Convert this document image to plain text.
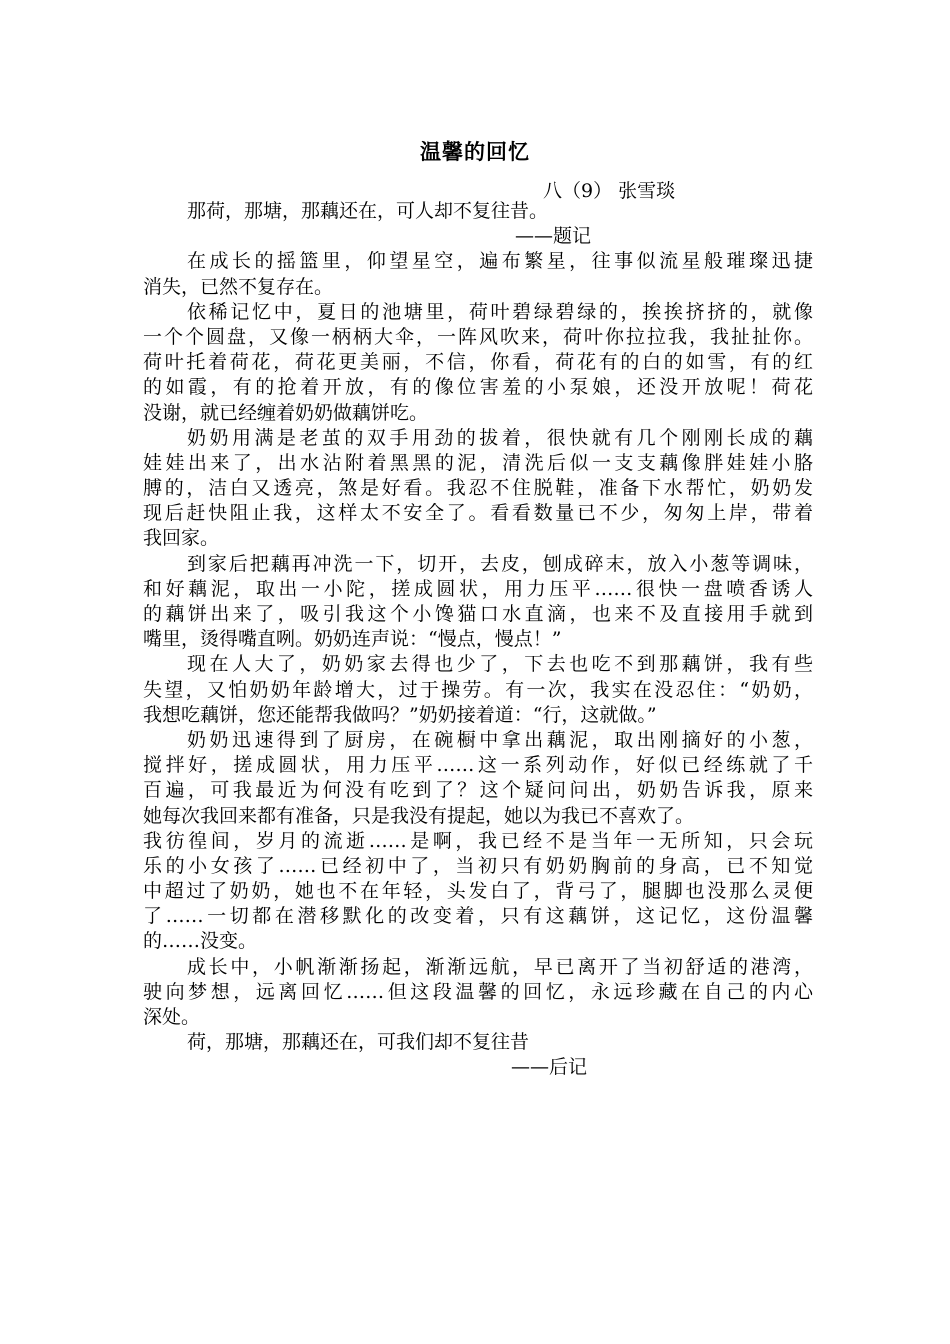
温馨的回忆
八（9） 张雪琰
那荷，那塘，那藕还在，可人却不复往昔。
——题记
在成长的摇篮里，仰望星空，遍布繁星，往事似流星般璀璨迅捷
消失，已然不复存在。
依稀记忆中，夏日的池塘里，荷叶碧绿碧绿的，挨挨挤挤的，就像
一个个圆盘，又像一柄柄大伞，一阵风吹来，荷叶你拉拉我，我扯扯你。
荷叶托着荷花，荷花更美丽，不信，你看，荷花有的白的如雪，有的红
的如霞，有的抢着开放，有的像位害羞的小泵娘，还没开放呢！荷花
没谢，就已经缠着奶奶做藕饼吃。
奶奶用满是老茧的双手用劲的拔着，很快就有几个刚刚长成的藕
娃娃出来了，出水沾附着黑黑的泥，清洗后似一支支藕像胖娃娃小胳
膊的，洁白又透亮，煞是好看。我忍不住脱鞋，准备下水帮忙，奶奶发
现后赶快阻止我，这样太不安全了。看看数量已不少，匆匆上岸，带着
我回家。
到家后把藕再冲洗一下，切开，去皮，刨成碎末，放入小葱等调味，
和好藕泥，取出一小陀，搓成圆状，用力压平……很快一盘喷香诱人
的藕饼出来了，吸引我这个小馋猫口水直滴，也来不及直接用手就到
嘴里，烫得嘴直咧。奶奶连声说：“慢点，慢点！”
现在人大了，奶奶家去得也少了，下去也吃不到那藕饼，我有些
失望，又怕奶奶年龄增大，过于操劳。有一次，我实在没忍住：“奶奶，
我想吃藕饼，您还能帮我做吗？”奶奶接着道：“行，这就做。”
奶奶迅速得到了厨房，在碗橱中拿出藕泥，取出刚摘好的小葱，
搅拌好，搓成圆状，用力压平……这一系列动作，好似已经练就了千
百遍，可我最近为何没有吃到了？这个疑问问出，奶奶告诉我，原来
她每次我回来都有准备，只是我没有提起，她以为我已不喜欢了。
我彷徨间，岁月的流逝……是啊，我已经不是当年一无所知，只会玩
乐的小女孩了……已经初中了，当初只有奶奶胸前的身高，已不知觉
中超过了奶奶，她也不在年轻，头发白了，背弓了，腿脚也没那么灵便
了……一切都在潜移默化的改变着，只有这藕饼，这记忆，这份温馨
的……没变。
成长中，小帆渐渐扬起，渐渐远航，早已离开了当初舒适的港湾，
驶向梦想，远离回忆……但这段温馨的回忆，永远珍藏在自己的内心
深处。
荷，那塘，那藕还在，可我们却不复往昔
——后记
